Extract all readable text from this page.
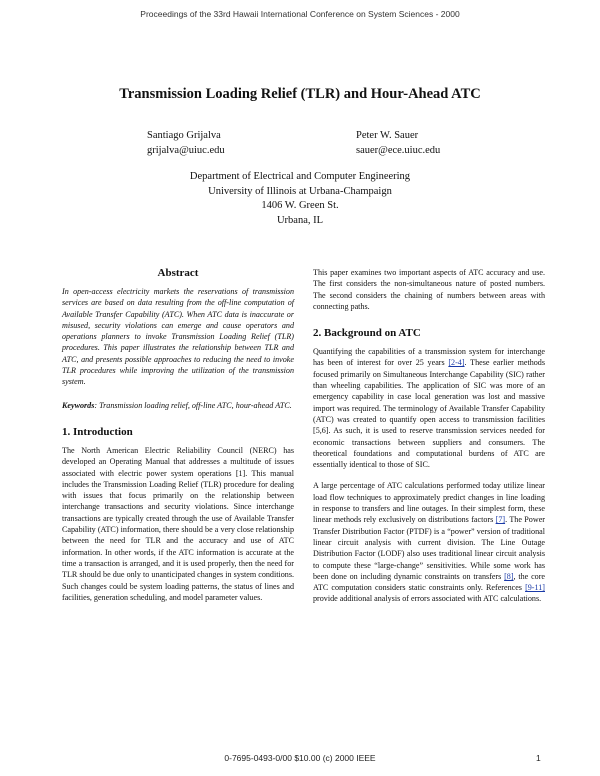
Proceedings of the 33rd Hawaii International Conference on System Sciences - 2000
Transmission Loading Relief (TLR) and Hour-Ahead ATC
Santiago Grijalva
grijalva@uiuc.edu
Peter W. Sauer
sauer@ece.uiuc.edu
Department of Electrical and Computer Engineering
University of Illinois at Urbana-Champaign
1406 W. Green St.
Urbana, IL
Abstract

In open-access electricity markets the reservations of transmission services are based on data resulting from the off-line computation of Available Transfer Capability (ATC). When ATC data is inaccurate or misused, security violations can emerge and cause operators and operations planners to invoke Transmission Loading Relief (TLR) procedures. This paper illustrates the relationship between TLR and ATC, and presents possible approaches to reducing the need to invoke TLR procedures while improving the utilization of the transmission system.

Keywords: Transmission loading relief, off-line ATC, hour-ahead ATC.

1. Introduction

The North American Electric Reliability Council (NERC) has developed an Operating Manual that addresses a multitude of issues associated with electric power system operations [1]. This manual includes the Transmission Loading Relief (TLR) procedure for dealing with issues that focus primarily on the relationship between interchange transactions and security violations. Since interchange transactions are typically created through the use of Available Transfer Capability (ATC) information, there should be a very close relationship between the need for TLR and the accuracy and use of ATC information. In other words, if the ATC information is accurate at the time a transaction is arranged, and it is used properly, then the need for TLR should be due only to unanticipated changes in system conditions. Such changes could be system loading patterns, the status of lines and facilities, generation scheduling, and model parameter values.

This paper examines two important aspects of ATC accuracy and use. The first considers the non-simultaneous nature of posted numbers. The second considers the chaining of numbers between areas with connecting paths.

2. Background on ATC

Quantifying the capabilities of a transmission system for interchange has been of interest for over 25 years [2-4]. These earlier methods focused primarily on Simultaneous Interchange Capability (SIC) rather than wheeling capabilities. The application of SIC was more of an emergency capability in case local generation was lost and massive import was required. The terminology of Available Transfer Capability (ATC) was created to quantify open access to transmission facilities [5,6]. As such, it is used to reserve transmission services needed for economic transactions between suppliers and consumers. The theoretical foundations and computational burdens of ATC are essentially identical to those of SIC.

A large percentage of ATC calculations performed today utilize linear load flow techniques to approximately predict changes in line loading in response to transfers and line outages. In their simplest form, these linear methods rely exclusively on distributions factors [7]. The Power Transfer Distribution Factor (PTDF) is a “power” version of traditional linear circuit analysis with current division. The Line Outage Distribution Factor (LODF) also uses traditional linear circuit analysis to compute these “large-change” sensitivities. While some work has been done on including dynamic constraints on transfers [8], the core ATC computation considers static constraints only. References [9-11] provide additional analysis of errors associated with ATC calculations.

0-7695-0493-0/00 $10.00 (c) 2000 IEEE	1
